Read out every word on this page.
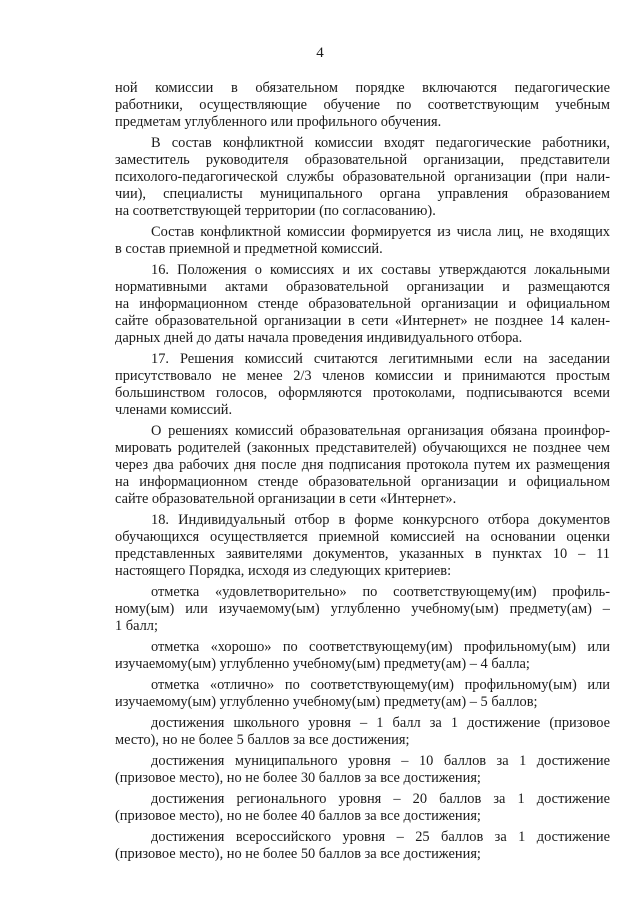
4
ной комиссии в обязательном порядке включаются педагогические
работники, осуществляющие обучение по соответствующим учебным
предметам углубленного или профильного обучения.
В состав конфликтной комиссии входят педагогические работники,
заместитель руководителя образовательной организации, представители
психолого-педагогической службы образовательной организации (при нали-
чии), специалисты муниципального органа управления образованием
на соответствующей территории (по согласованию).
Состав конфликтной комиссии формируется из числа лиц, не входящих
в состав приемной и предметной комиссий.
16. Положения о комиссиях и их составы утверждаются локальными
нормативными актами образовательной организации и размещаются
на информационном стенде образовательной организации и официальном
сайте образовательной организации в сети «Интернет» не позднее 14 кален-
дарных дней до даты начала проведения индивидуального отбора.
17. Решения комиссий считаются легитимными если на заседании
присутствовало не менее 2/3 членов комиссии и принимаются простым
большинством голосов, оформляются протоколами, подписываются всеми
членами комиссий.
О решениях комиссий образовательная организация обязана проинфор-
мировать родителей (законных представителей) обучающихся не позднее чем
через два рабочих дня после дня подписания протокола путем их размещения
на информационном стенде образовательной организации и официальном
сайте образовательной организации в сети «Интернет».
18. Индивидуальный отбор в форме конкурсного отбора документов
обучающихся осуществляется приемной комиссией на основании оценки
представленных заявителями документов, указанных в пунктах 10 – 11
настоящего Порядка, исходя из следующих критериев:
отметка «удовлетворительно» по соответствующему(им) профиль-
ному(ым) или изучаемому(ым) углубленно учебному(ым) предмету(ам) –
1 балл;
отметка «хорошо» по соответствующему(им) профильному(ым) или
изучаемому(ым) углубленно учебному(ым) предмету(ам) – 4 балла;
отметка «отлично» по соответствующему(им) профильному(ым) или
изучаемому(ым) углубленно учебному(ым) предмету(ам) – 5 баллов;
достижения школьного уровня – 1 балл за 1 достижение (призовое
место), но не более 5 баллов за все достижения;
достижения муниципального уровня – 10 баллов за 1 достижение
(призовое место), но не более 30 баллов за все достижения;
достижения регионального уровня – 20 баллов за 1 достижение
(призовое место), но не более 40 баллов за все достижения;
достижения всероссийского уровня – 25 баллов за 1 достижение
(призовое место), но не более 50 баллов за все достижения;
